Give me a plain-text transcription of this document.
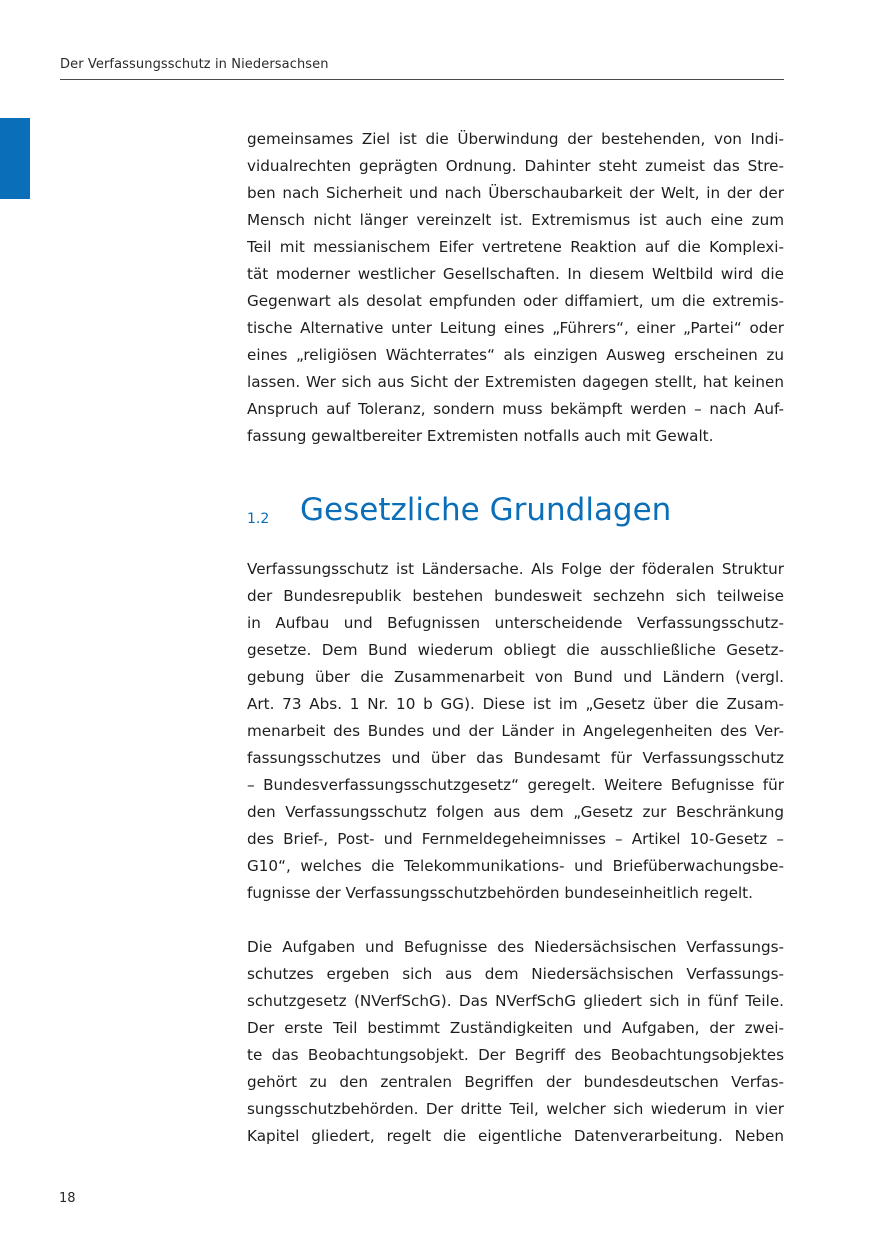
Der Verfassungsschutz in Niedersachsen
gemeinsames Ziel ist die Überwindung der bestehenden, von Indi-
vidualrechten geprägten Ordnung. Dahinter steht zumeist das Stre-
ben nach Sicherheit und nach Überschaubarkeit der Welt, in der der
Mensch nicht länger vereinzelt ist. Extremismus ist auch eine zum
Teil mit messianischem Eifer vertretene Reaktion auf die Komplexi-
tät moderner westlicher Gesellschaften. In diesem Weltbild wird die
Gegenwart als desolat empfunden oder diffamiert, um die extremis-
tische Alternative unter Leitung eines „Führers“, einer „Partei“ oder
eines „religiösen Wächterrates“ als einzigen Ausweg erscheinen zu
lassen. Wer sich aus Sicht der Extremisten dagegen stellt, hat keinen
Anspruch auf Toleranz, sondern muss bekämpft werden – nach Auf-
fassung gewaltbereiter Extremisten notfalls auch mit Gewalt.
1.2 Gesetzliche Grundlagen
Verfassungsschutz ist Ländersache. Als Folge der föderalen Struktur
der Bundesrepublik bestehen bundesweit sechzehn sich teilweise
in Aufbau und Befugnissen unterscheidende Verfassungsschutz-
gesetze. Dem Bund wiederum obliegt die ausschließliche Gesetz-
gebung über die Zusammenarbeit von Bund und Ländern (vergl.
Art. 73 Abs. 1 Nr. 10 b GG). Diese ist im „Gesetz über die Zusam-
menarbeit des Bundes und der Länder in Angelegenheiten des Ver-
fassungsschutzes und über das Bundesamt für Verfassungsschutz
– Bundesverfassungsschutzgesetz“ geregelt. Weitere Befugnisse für
den Verfassungsschutz folgen aus dem „Gesetz zur Beschränkung
des Brief-, Post- und Fernmeldegeheimnisses – Artikel 10-Gesetz –
G10“, welches die Telekommunikations- und Briefüberwachungsbe-
fugnisse der Verfassungsschutzbehörden bundeseinheitlich regelt.
Die Aufgaben und Befugnisse des Niedersächsischen Verfassungs-
schutzes ergeben sich aus dem Niedersächsischen Verfassungs-
schutzgesetz (NVerfSchG). Das NVerfSchG gliedert sich in fünf Teile.
Der erste Teil bestimmt Zuständigkeiten und Aufgaben, der zwei-
te das Beobachtungsobjekt. Der Begriff des Beobachtungsobjektes
gehört zu den zentralen Begriffen der bundesdeutschen Verfas-
sungsschutzbehörden. Der dritte Teil, welcher sich wiederum in vier
Kapitel gliedert, regelt die eigentliche Datenverarbeitung. Neben
18
